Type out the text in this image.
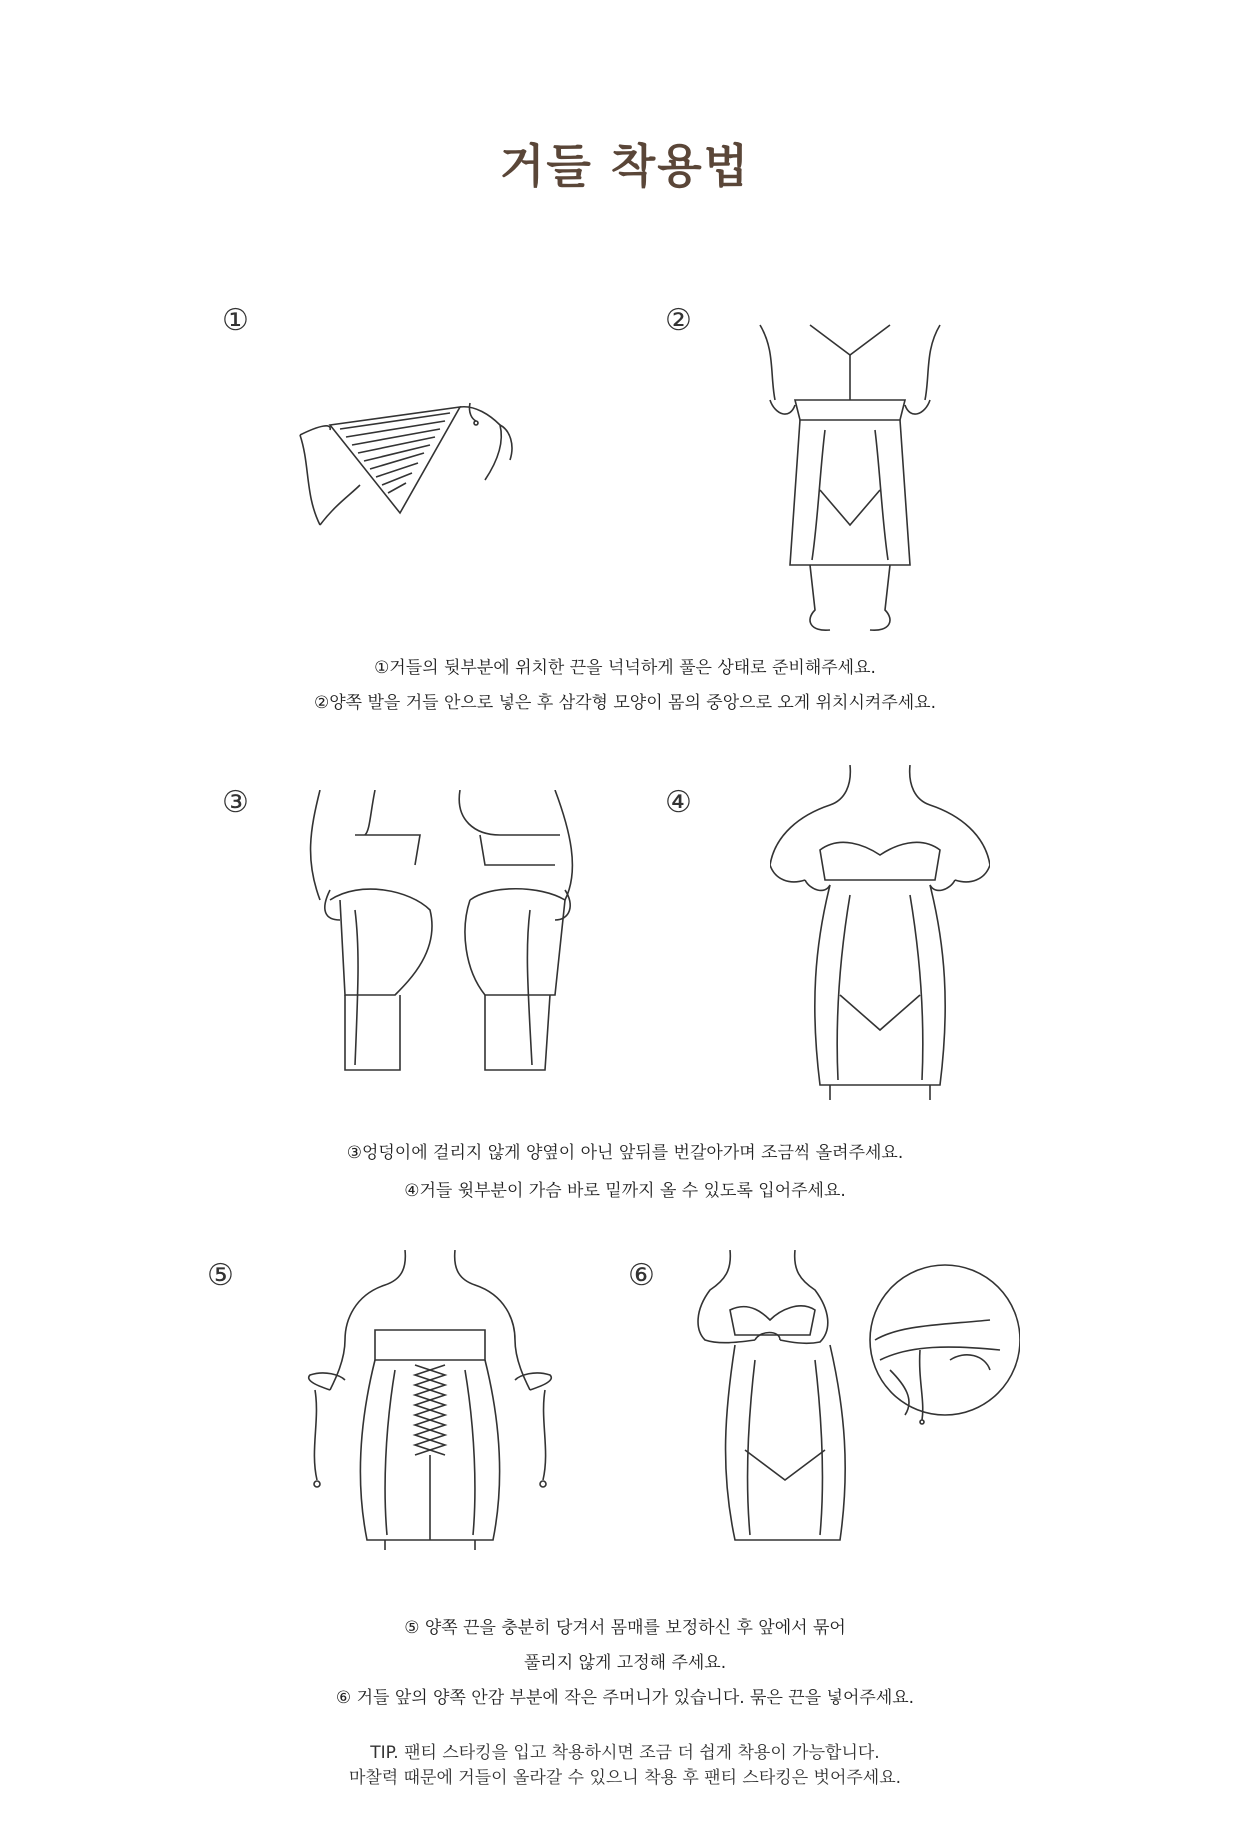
거들 착용법
①	②
①거들의 뒷부분에 위치한 끈을 넉넉하게 풀은 상태로 준비해주세요.
②양쪽 발을 거들 안으로 넣은 후 삼각형 모양이 몸의 중앙으로 오게 위치시켜주세요.
③	④
③엉덩이에 걸리지 않게 양옆이 아닌 앞뒤를 번갈아가며 조금씩 올려주세요.
④거들 윗부분이 가슴 바로 밑까지 올 수 있도록 입어주세요.
⑤	⑥
⑤ 양쪽 끈을 충분히 당겨서 몸매를 보정하신 후 앞에서 묶어
풀리지 않게 고정해 주세요.
⑥ 거들 앞의 양쪽 안감 부분에 작은 주머니가 있습니다. 묶은 끈을 넣어주세요.
TIP. 팬티 스타킹을 입고 착용하시면 조금 더 쉽게 착용이 가능합니다.
마찰력 때문에 거들이 올라갈 수 있으니 착용 후 팬티 스타킹은 벗어주세요.
